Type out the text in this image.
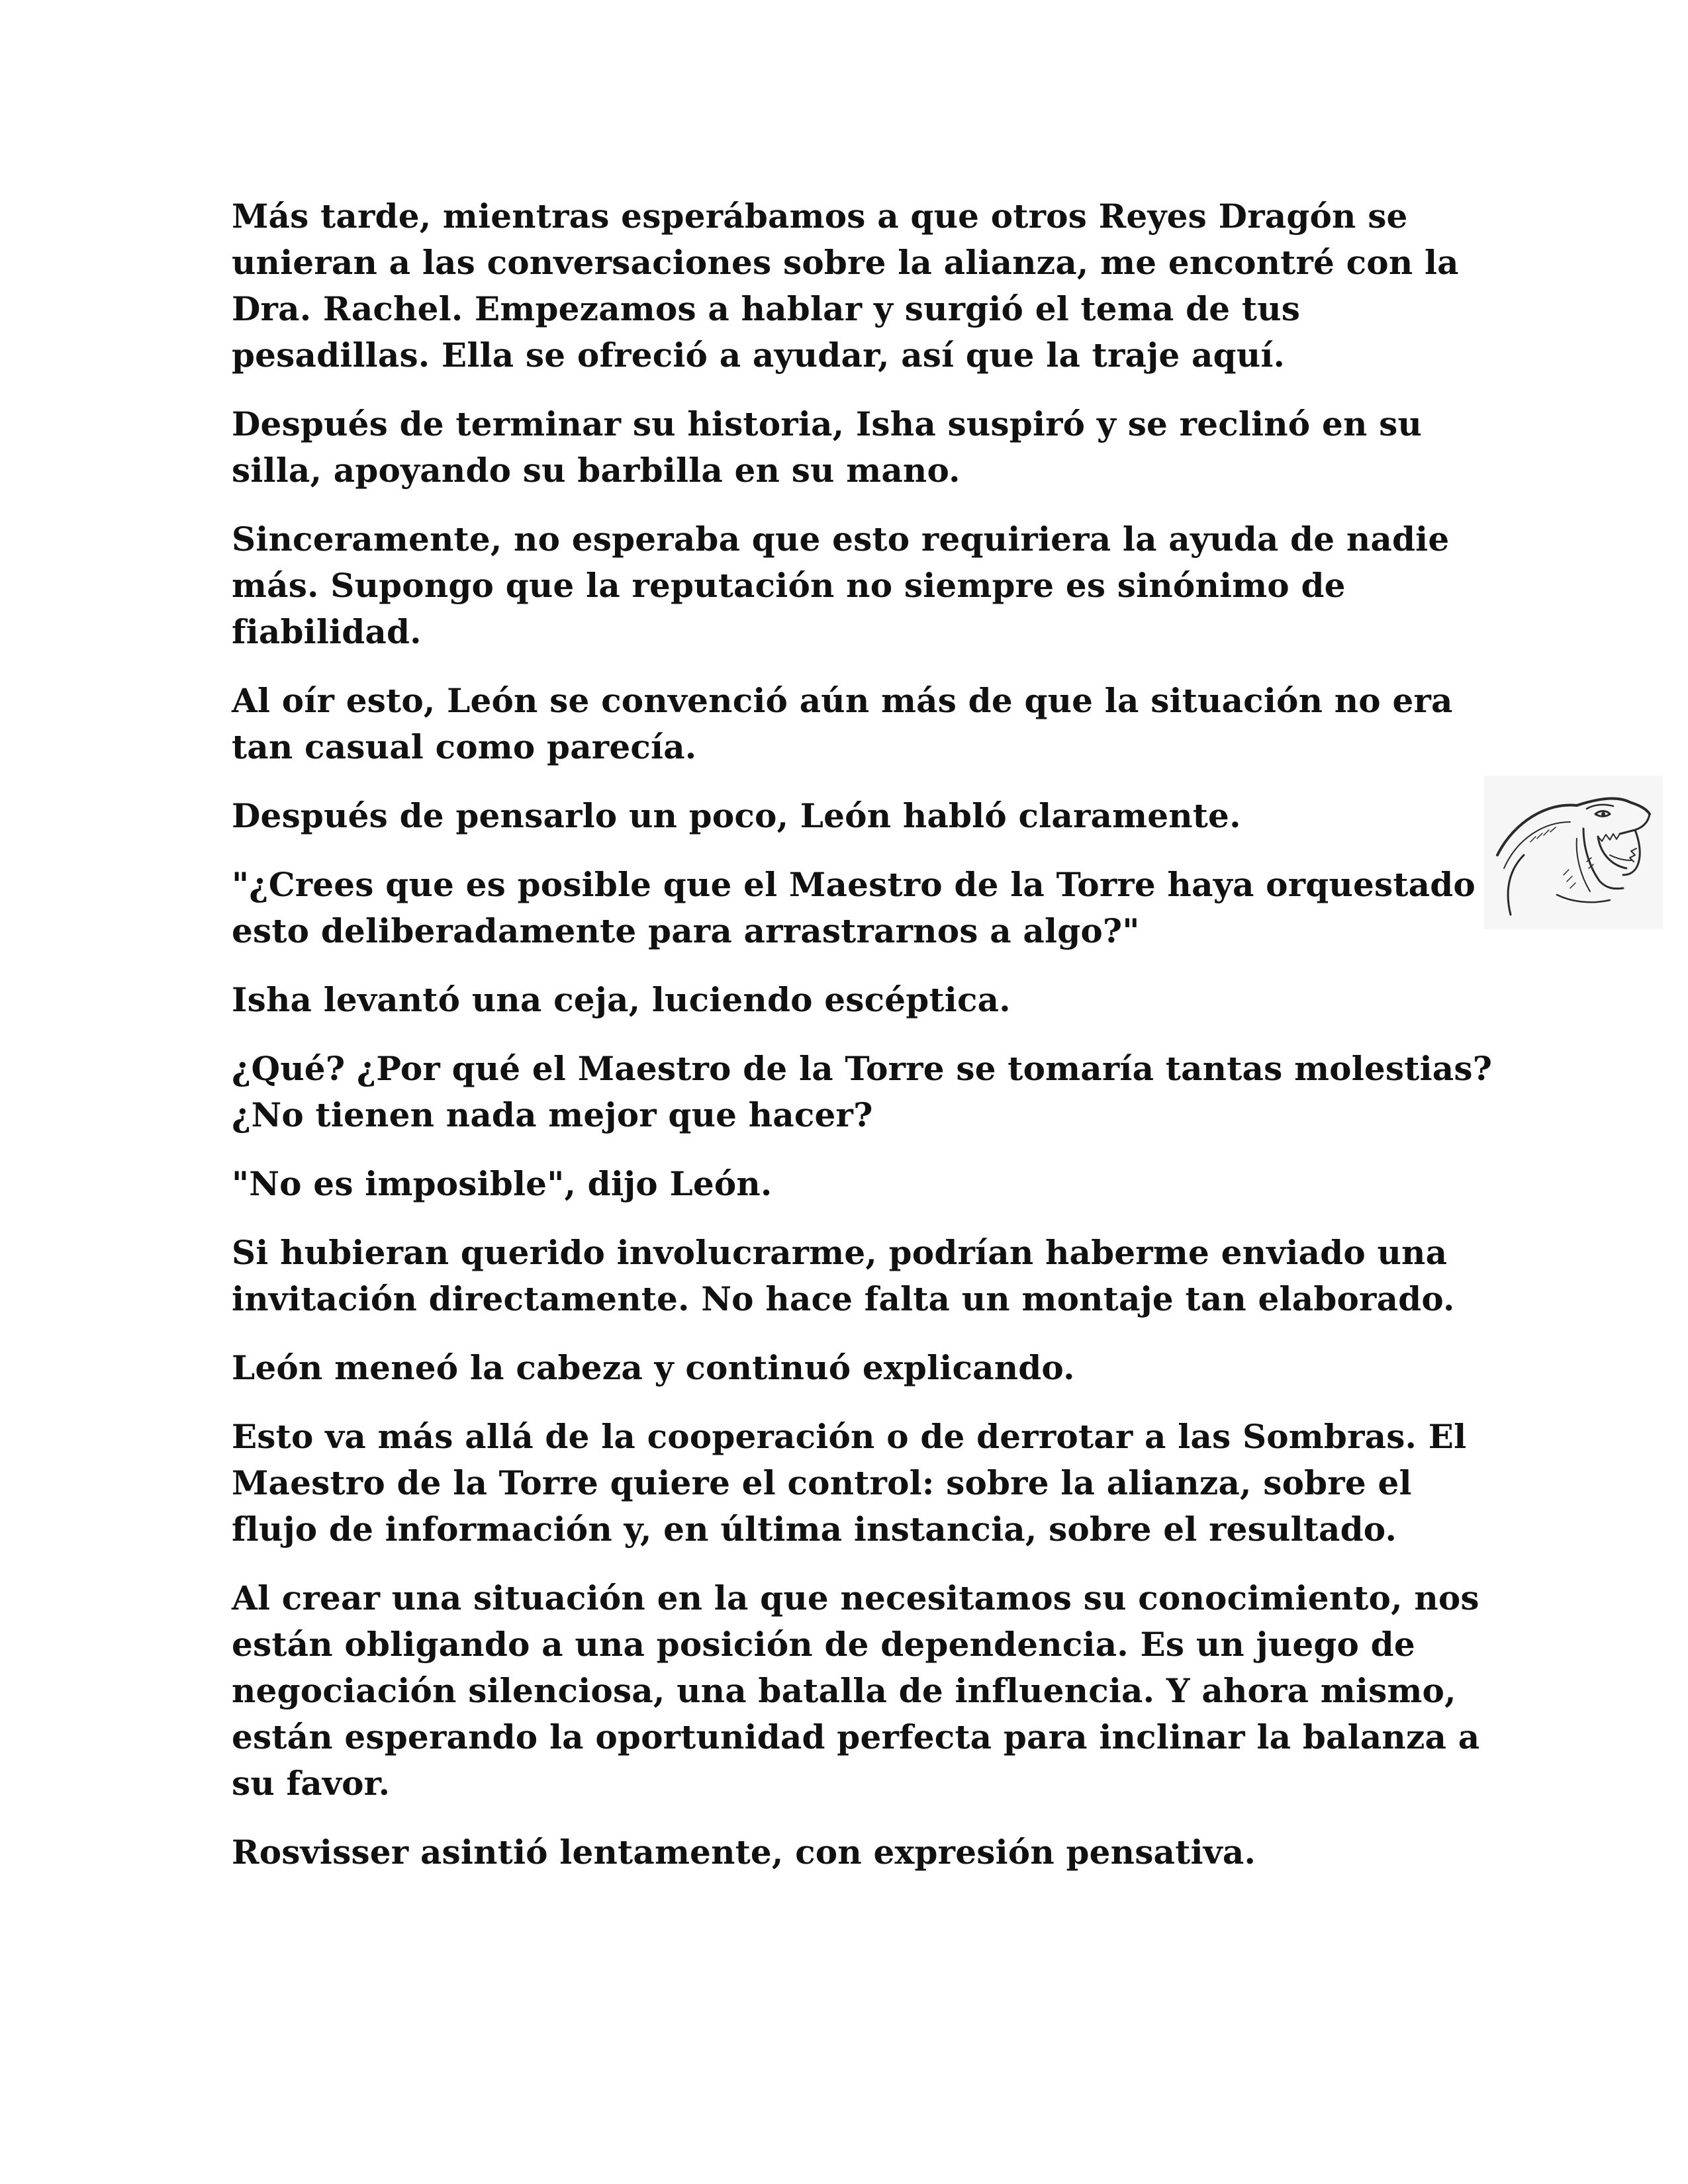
Más tarde, mientras esperábamos a que otros Reyes Dragón se unieran a las conversaciones sobre la alianza, me encontré con la Dra. Rachel. Empezamos a hablar y surgió el tema de tus pesadillas. Ella se ofreció a ayudar, así que la traje aquí.

Después de terminar su historia, Isha suspiró y se reclinó en su silla, apoyando su barbilla en su mano.

Sinceramente, no esperaba que esto requiriera la ayuda de nadie más. Supongo que la reputación no siempre es sinónimo de fiabilidad.

Al oír esto, León se convenció aún más de que la situación no era tan casual como parecía.

Después de pensarlo un poco, León habló claramente.

"¿Crees que es posible que el Maestro de la Torre haya orquestado esto deliberadamente para arrastrarnos a algo?"

Isha levantó una ceja, luciendo escéptica.

¿Qué? ¿Por qué el Maestro de la Torre se tomaría tantas molestias? ¿No tienen nada mejor que hacer?

"No es imposible", dijo León.

Si hubieran querido involucrarme, podrían haberme enviado una invitación directamente. No hace falta un montaje tan elaborado.

León meneó la cabeza y continuó explicando.

Esto va más allá de la cooperación o de derrotar a las Sombras. El Maestro de la Torre quiere el control: sobre la alianza, sobre el flujo de información y, en última instancia, sobre el resultado.

Al crear una situación en la que necesitamos su conocimiento, nos están obligando a una posición de dependencia. Es un juego de negociación silenciosa, una batalla de influencia. Y ahora mismo, están esperando la oportunidad perfecta para inclinar la balanza a su favor.

Rosvisser asintió lentamente, con expresión pensativa.
